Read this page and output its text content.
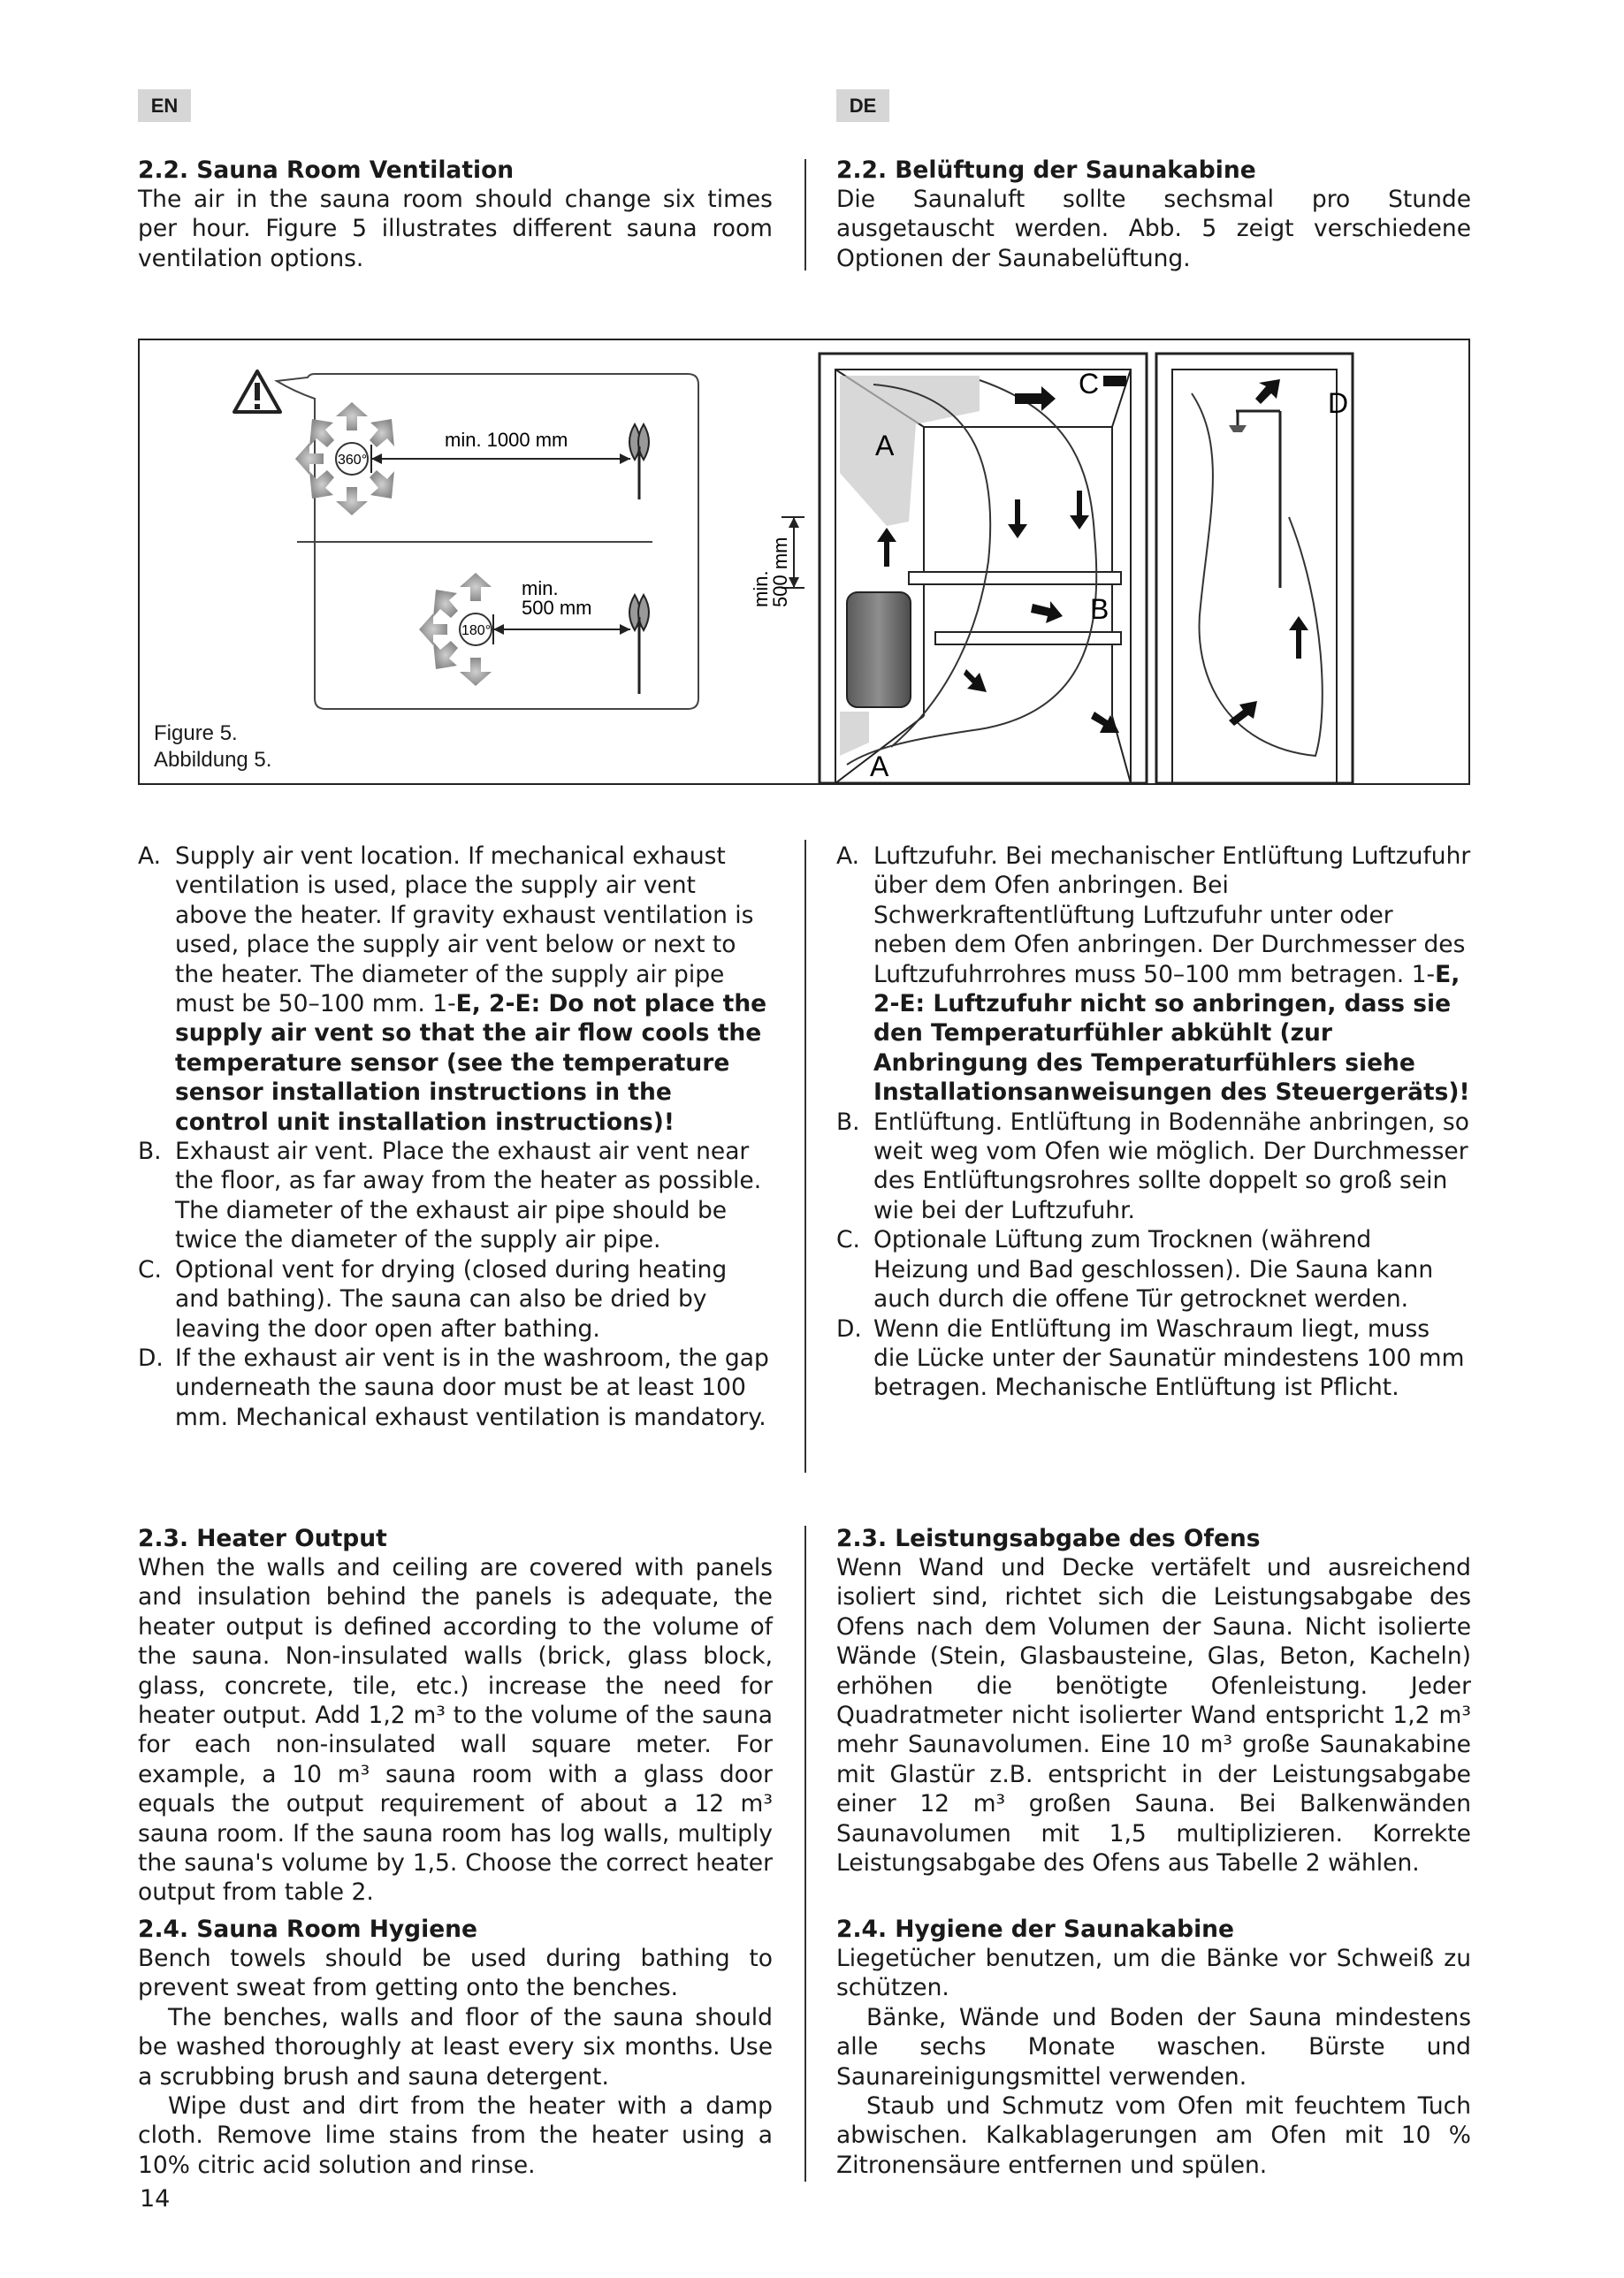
EN	DE
2.2. Sauna Room Ventilation

The air in the sauna room should change six times per hour. Figure 5 illustrates different sauna room ventilation options.

2.2. Belüftung der Saunakabine

Die Saunaluft sollte sechsmal pro Stunde ausgetauscht werden. Abb. 5 zeigt verschiedene Optionen der Saunabelüftung.

360°
min. 1000 mm
180°
min.
500 mm
min.
500 mm
A
A
B
C
D
Figure 5.
Abbildung 5.
A. Supply air vent location. If mechanical exhaust ventilation is used, place the supply air vent above the heater. If gravity exhaust ventilation is used, place the supply air vent below or next to the heater. The diameter of the supply air pipe must be 50–100 mm. 1-E, 2-E: Do not place the supply air vent so that the air flow cools the temperature sensor (see the temperature sensor installation instructions in the control unit installation instructions)!
B. Exhaust air vent. Place the exhaust air vent near the floor, as far away from the heater as possible. The diameter of the exhaust air pipe should be twice the diameter of the supply air pipe.
C. Optional vent for drying (closed during heating and bathing). The sauna can also be dried by leaving the door open after bathing.
D. If the exhaust air vent is in the washroom, the gap underneath the sauna door must be at least 100 mm. Mechanical exhaust ventilation is mandatory.
A. Luftzufuhr. Bei mechanischer Entlüftung Luftzufuhr über dem Ofen anbringen. Bei Schwerkraftentlüftung Luftzufuhr unter oder neben dem Ofen anbringen. Der Durchmesser des Luftzufuhrrohres muss 50–100 mm betragen. 1-E, 2-E: Luftzufuhr nicht so anbringen, dass sie den Temperaturfühler abkühlt (zur Anbringung des Temperaturfühlers siehe Installationsanweisungen des Steuergeräts)!
B. Entlüftung. Entlüftung in Bodennähe anbringen, so weit weg vom Ofen wie möglich. Der Durchmesser des Entlüftungsrohres sollte doppelt so groß sein wie bei der Luftzufuhr.
C. Optionale Lüftung zum Trocknen (während Heizung und Bad geschlossen). Die Sauna kann auch durch die offene Tür getrocknet werden.
D. Wenn die Entlüftung im Waschraum liegt, muss die Lücke unter der Saunatür mindestens 100 mm betragen. Mechanische Entlüftung ist Pflicht.
2.3. Heater Output

When the walls and ceiling are covered with panels and insulation behind the panels is adequate, the heater output is defined according to the volume of the sauna. Non-insulated walls (brick, glass block, glass, concrete, tile, etc.) increase the need for heater output. Add 1,2 m³ to the volume of the sauna for each non-insulated wall square meter. For example, a 10 m³ sauna room with a glass door equals the output requirement of about a 12 m³ sauna room. If the sauna room has log walls, multiply the sauna's volume by 1,5. Choose the correct heater output from table 2.

2.3. Leistungsabgabe des Ofens

Wenn Wand und Decke vertäfelt und ausreichend isoliert sind, richtet sich die Leistungsabgabe des Ofens nach dem Volumen der Sauna. Nicht isolierte Wände (Stein, Glasbausteine, Glas, Beton, Kacheln) erhöhen die benötigte Ofenleistung. Jeder Quadratmeter nicht isolierter Wand entspricht 1,2 m³ mehr Saunavolumen. Eine 10 m³ große Saunakabine mit Glastür z.B. entspricht in der Leistungsabgabe einer 12 m³ großen Sauna. Bei Balkenwänden Saunavolumen mit 1,5 multiplizieren. Korrekte Leistungsabgabe des Ofens aus Tabelle 2 wählen.

2.4. Sauna Room Hygiene

Bench towels should be used during bathing to prevent sweat from getting onto the benches.

The benches, walls and floor of the sauna should be washed thoroughly at least every six months. Use a scrubbing brush and sauna detergent.

Wipe dust and dirt from the heater with a damp cloth. Remove lime stains from the heater using a 10% citric acid solution and rinse.

2.4. Hygiene der Saunakabine

Liegetücher benutzen, um die Bänke vor Schweiß zu schützen.

Bänke, Wände und Boden der Sauna mindestens alle sechs Monate waschen. Bürste und Saunareinigungsmittel verwenden.

Staub und Schmutz vom Ofen mit feuchtem Tuch abwischen. Kalkablagerungen am Ofen mit 10 % Zitronensäure entfernen und spülen.

14
